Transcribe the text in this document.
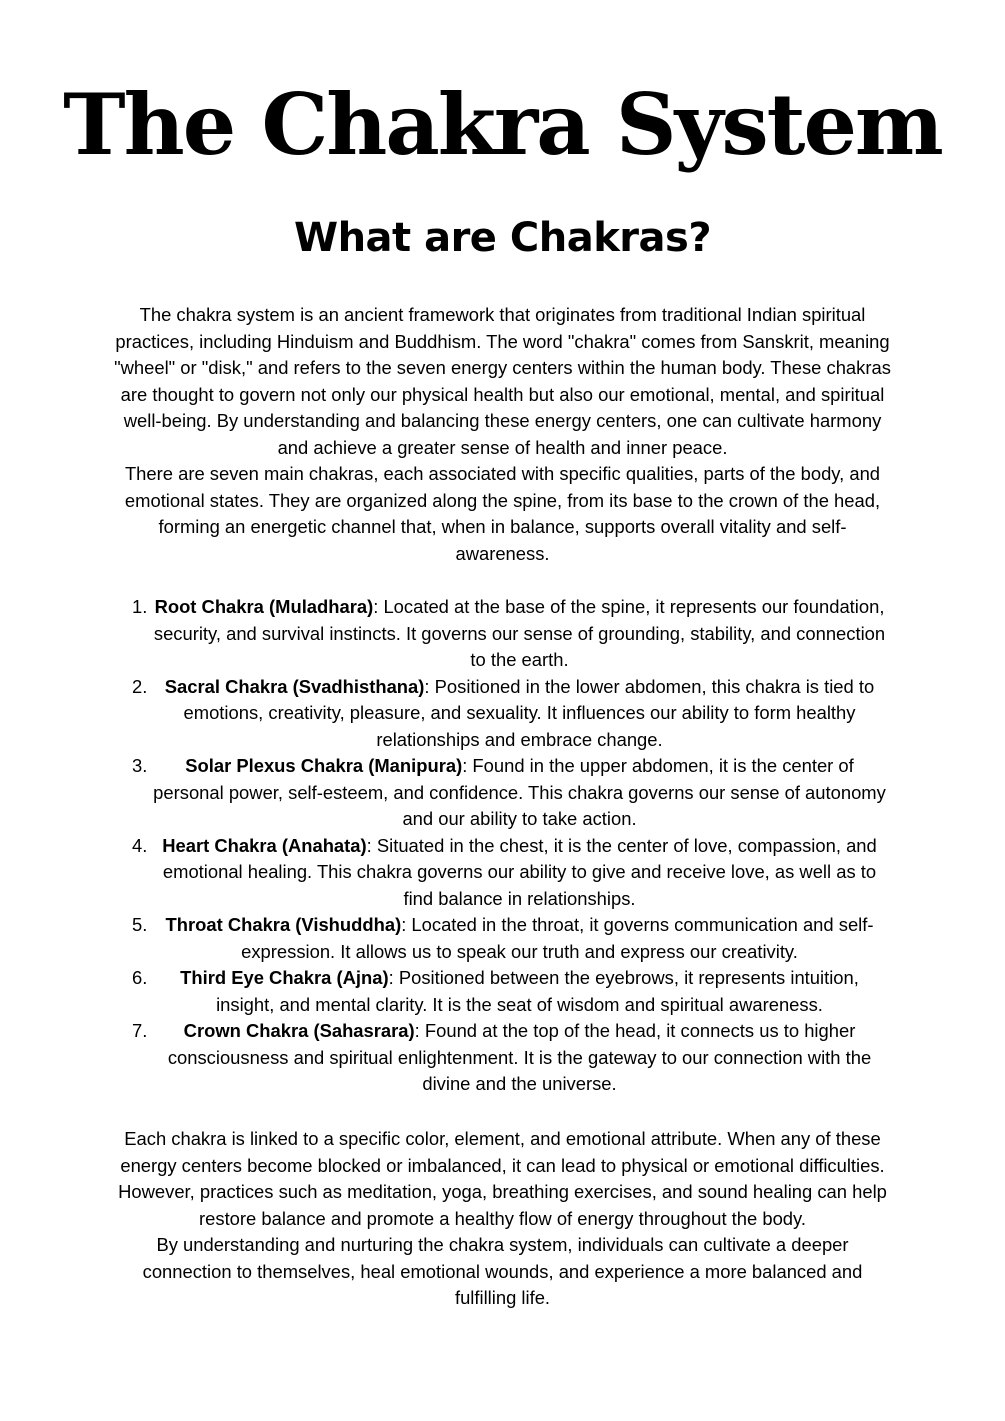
The Chakra System
What are Chakras?
The chakra system is an ancient framework that originates from traditional Indian spiritual practices, including Hinduism and Buddhism. The word "chakra" comes from Sanskrit, meaning "wheel" or "disk," and refers to the seven energy centers within the human body. These chakras are thought to govern not only our physical health but also our emotional, mental, and spiritual well-being. By understanding and balancing these energy centers, one can cultivate harmony and achieve a greater sense of health and inner peace.
There are seven main chakras, each associated with specific qualities, parts of the body, and emotional states. They are organized along the spine, from its base to the crown of the head, forming an energetic channel that, when in balance, supports overall vitality and self-awareness.
1. Root Chakra (Muladhara): Located at the base of the spine, it represents our foundation, security, and survival instincts. It governs our sense of grounding, stability, and connection to the earth.
2. Sacral Chakra (Svadhisthana): Positioned in the lower abdomen, this chakra is tied to emotions, creativity, pleasure, and sexuality. It influences our ability to form healthy relationships and embrace change.
3. Solar Plexus Chakra (Manipura): Found in the upper abdomen, it is the center of personal power, self-esteem, and confidence. This chakra governs our sense of autonomy and our ability to take action.
4. Heart Chakra (Anahata): Situated in the chest, it is the center of love, compassion, and emotional healing. This chakra governs our ability to give and receive love, as well as to find balance in relationships.
5. Throat Chakra (Vishuddha): Located in the throat, it governs communication and self-expression. It allows us to speak our truth and express our creativity.
6. Third Eye Chakra (Ajna): Positioned between the eyebrows, it represents intuition, insight, and mental clarity. It is the seat of wisdom and spiritual awareness.
7. Crown Chakra (Sahasrara): Found at the top of the head, it connects us to higher consciousness and spiritual enlightenment. It is the gateway to our connection with the divine and the universe.
Each chakra is linked to a specific color, element, and emotional attribute. When any of these energy centers become blocked or imbalanced, it can lead to physical or emotional difficulties. However, practices such as meditation, yoga, breathing exercises, and sound healing can help restore balance and promote a healthy flow of energy throughout the body.
By understanding and nurturing the chakra system, individuals can cultivate a deeper connection to themselves, heal emotional wounds, and experience a more balanced and fulfilling life.
